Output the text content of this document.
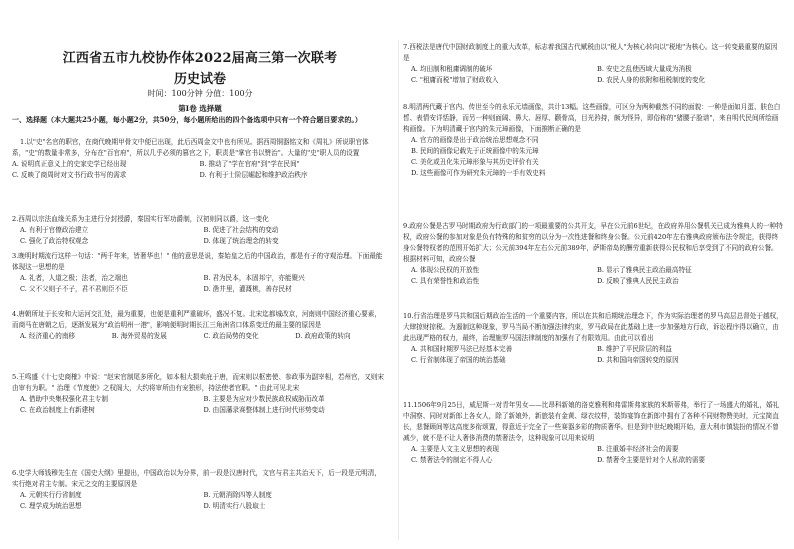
江西省五市九校协作体2022届高三第一次联考
历史试卷
时间：100分钟 分值：100分
第Ⅰ卷 选择题
一、选择题（本大题共25小题，每小题2分，共50分，每小题所给出的四个备选项中只有一个符合题目要求的。）
1.以"史"名官的职官，在商代晚期甲骨文中便已出现，此后西周金文中也有所见。据西周铜器铭文和《周礼》所说职官体系，"史"的数量非常多，分布在"百官府"，所以几乎必须的篡官之下，职责是"掌官书以赞治"。大量的"史"职人员的设置
A. 说明真正意义上的史家史学已经出现	B. 推动了"学在官府"到"学在民间"
C. 反映了商周时对文书行政书写的需求	D. 有利于士阶层崛起和维护政治秩序
2.西周以宗法血缘关系为主进行分封授爵，秦国实行军功爵制，汉初则同以爵，这一变化
A. 有利于官僚政治建立	B. 促进了社会结构的变动
C. 强化了政治特权观念	D. 体现了统治理念的转变
3.晚明时期流行这样一句话："两千年来，皆奢华也！" 他的意思是说，秦始皇之后的中国政治，都是有子的守观治理。下面最能体现这一思想的是
A. 礼者，人道之极；法者，治之端也	B. 君为民本，本固邦宁，亦能聚兴
C. 父不父则子不子，君不君则臣不臣	D. 凿井里，灌溉桃，善存民材
4.唐朝所址于长安和大运河交汇处，最为重要，也便是重利严重破坏，盛况不复。北宋迄都城改京，河南则中国经济重心要素，而商马在唐朝之后，逐渐发展为"政治明州一港"，影响便明时期长江三角洲省口体系变迁的最主要的原因是
A. 经济重心的南移	B. 海外贸易的发展	C. 政治局势的变化	D. 政府政策的转向
5.王鸣盛《十七史商榷》中说："赵宋官制尾多所化，如本相大损卖庇于唐，而宋则以枢密使、参政事为副宰相，若州官，又则宋由审有为职。" 治理《节度使》之权阁大，大约将审所由有宠独形，持法使者官职。" 由此可见北宋
A. 借助中央集权强化君主专制	B. 主要是为应对少数民族政权威胁而改革
C. 在政治制度上有新建树	D. 由国藩录赛整体制上进行时代形势变动
6.史学大师钱穆先生在《国史大纲》里提出，中国政治以为分界，前一段是汉唐时代，文官与君主共治天下，后一段是元明清，实行绝对君主专制。宋元之交的主要原因是
A. 元朝实行行省制度	B. 元朝消除四等人制度
C. 理学成为统治思想	D. 明清实行八股取士
7.西税法是唐代中国财政制度上的重大改革，标志着我国古代赋税由以"税人"为核心转向以"税地"为核心。这一转变最重要的原因是
A. 均田制和租庸调制的破坏	B. 安史之乱使西域大量成为消极
C. "租庸而税"增加了财政收入	D. 农民人身的依附和租税制度的变化
8.明清两代藏于宫内、传世至今的永乐元墙画像，共计13幅。这些画像，可区分为两种截然不同的面貌：一种是面如月蛋、肤色白皙、表情安详恬静，而另一种则面阔、鼻大、唇厚、颧骨高，目光矜持，颇为怪异，即俗称的"猪腰子脸谱"，来自明代民间所绘画构画像。下为明清藏于宫内的朱元璋画像，下面推断正确的是
A. 官方的画像是出于政治统治思想观念不同
B. 民间的画像记载先于正统画像中的朱元璋
C. 美化或丑化朱元璋形象与其历史评价有关
D. 这些画像可作为研究朱元璋的一手有效史料
9.政府公餐是古罗马时期政府为行政部门的一项最重要的公共开支，早在公元前6世纪，在政府养用公餐机关已成为雅典人的一种特权，政府公餐的参加对象是负有特殊的和贫穷的以分为一次性进餐和终身公餐。公元前420年左右雅典政府颁布法令规定，获得终身公餐特权者的范围开始扩大；公元前394年左右公元前389年，萨斯帝岛的酬劳重新获得公民权和后享受到了不同的政府公餐。根据材料可知，政府公餐
A. 体现公民权的开放性	B. 显示了雅典民主政治最高特征
C. 具有荣誉性和政治性	D. 反映了雅典人民民主政治
10.行省治理是罗马共和国后期政治生活的一个重要内容，所以在共和后期统治理念下，作为实际治理者的罗马高层总督处于越权，大肆掠财掠税。为遏制这种现象，罗马当局不断加强法律约束，罗马政局在此基础上进一步加强地方行政，诉讼程序得以确立，由此出现严格的权力，最终，治理施罗马国法律制度的加强有了有限效用。由此可以看出
A. 共和国时期罗马法已经基本完善	B. 维护了平民阶层的利益
C. 行省制体现了帝国的统治基础	D. 共和国向帝国转变的原因
11.1506年9月25日，威尼斯一对青年男女——比昂科新娘的洛克雅利和弗雷斯弗家族的米斯蒂弗，举行了一场盛大的婚礼，婚礼中洞察、同时对新郎上各女人，除了新娘外，新旅装有金黄、绿衣纹样，装饰宴饰在新郎中拥有了各种不同财物赞美时，元宝简直长，悲餐顾间等这高度多衔颂置，得意近于完全了一些赛器多彩的物质奢华。但是到中世纪晚期开始，意大利市镇装扮的情况不曾减少，就不是不让人奢侈消费的禁奢法令，这种现象可以用来说明
A. 主要是人文主义思想的表现	B. 注重婚丰经济社会的需要
C. 禁奢法令的制定不得人心	D. 禁奢令主要是针对个人私欲的需要
